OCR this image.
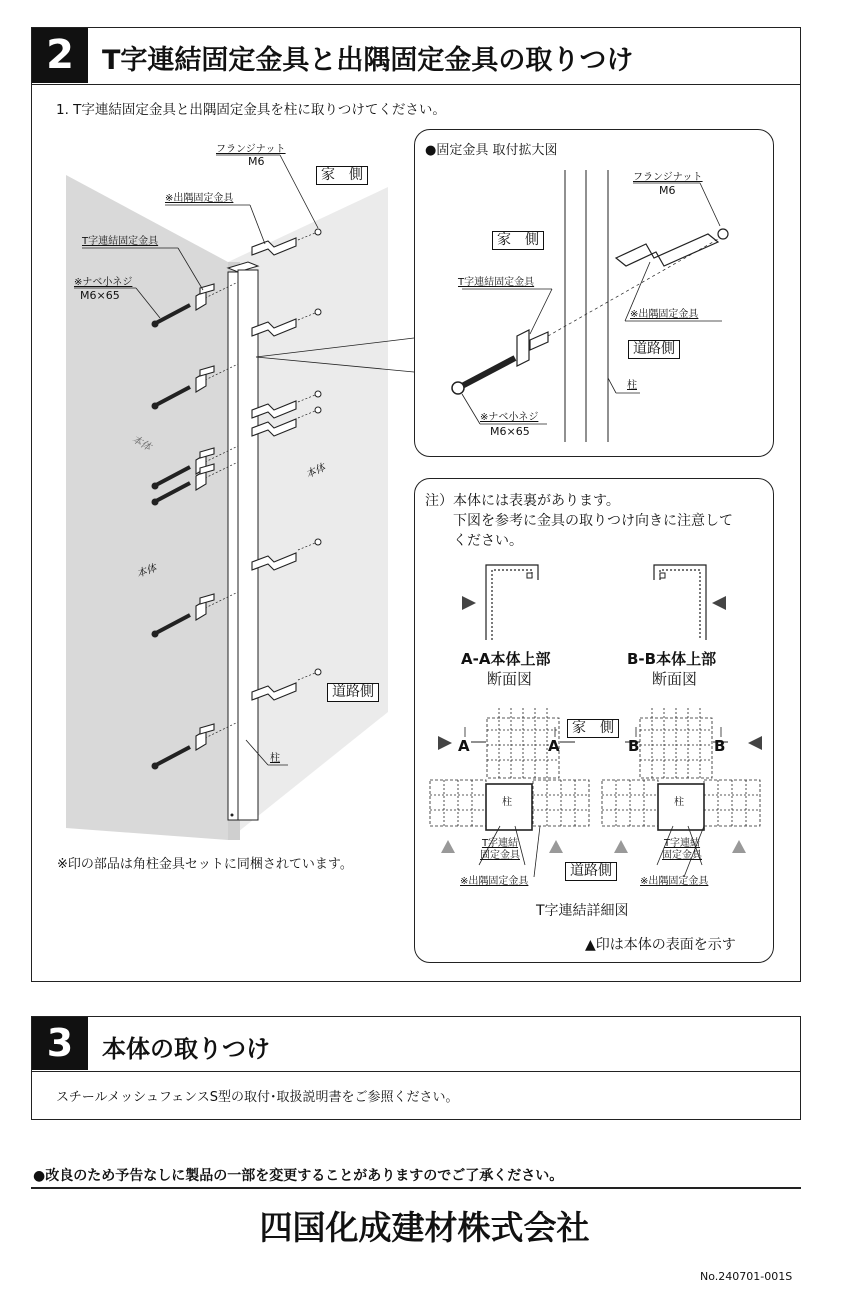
2	T字連結固定金具と出隅固定金具の取りつけ
1. T字連結固定金具と出隅固定金具を柱に取りつけてください。
フランジナット
M6
家　側
※出隅固定金具
T字連結固定金具
※ナベ小ネジ
M6×65
本体
本体
本体
道路側
柱
※印の部品は角柱金具セットに同梱されています。
●固定金具 取付拡大図
フランジナット
M6
家　側
T字連結固定金具
※出隅固定金具
道路側
柱
※ナベ小ネジ
M6×65
注）本体には表裏があります。
下図を参考に金具の取りつけ向きに注意して
ください。
A-A本体上部
断面図
B-B本体上部
断面図
家　側
A	A	B	B
柱	柱
T字連結
固定金具
T字連結
固定金具
道路側
※出隅固定金具	※出隅固定金具
T字連結詳細図
▲印は本体の表面を示す
3	本体の取りつけ
スチールメッシュフェンスS型の取付･取扱説明書をご参照ください。
●改良のため予告なしに製品の一部を変更することがありますのでご了承ください。
四国化成建材株式会社
No.240701-001S
